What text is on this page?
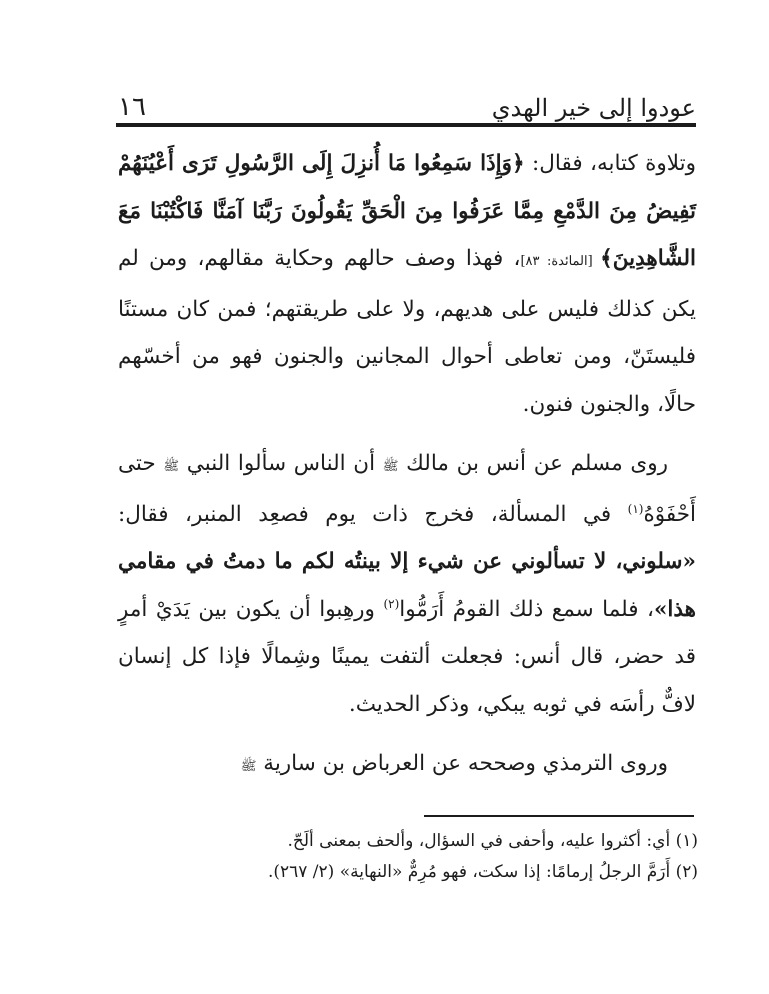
١٦	عودوا إلى خير الهدي

وتلاوة كتابه، فقال: ﴿وَإِذَا سَمِعُوا مَا أُنزِلَ إِلَى الرَّسُولِ تَرَى أَعْيُنَهُمْ تَفِيضُ مِنَ الدَّمْعِ مِمَّا عَرَفُوا مِنَ الْحَقِّ يَقُولُونَ رَبَّنَا آمَنَّا فَاكْتُبْنَا مَعَ الشَّاهِدِينَ﴾ [المائدة: ٨٣]، فهذا وصف حالهم وحكاية مقالهم، ومن لم يكن كذلك فليس على هديهم، ولا على طريقتهم؛ فمن كان مستنًا فليستَنّ، ومن تعاطى أحوال المجانين والجنون فهو من أخسّهم حالًا، والجنون فنون.

روى مسلم عن أنس بن مالك ﷺ أن الناس سألوا النبي ﷺ حتى أَحْفَوْهُ$^{(١)}$ في المسألة، فخرج ذات يوم فصعِد المنبر، فقال: «سلوني، لا تسألوني عن شيء إلا بينتُه لكم ما دمتُ في مقامي هذا»، فلما سمع ذلك القومُ أَرَمُّوا$^{(٢)}$ ورهِبوا أن يكون بين يَدَيْ أمرٍ قد حضر، قال أنس: فجعلت ألتفت يمينًا وشِمالًا فإذا كل إنسان لافٌّ رأسَه في ثوبه يبكي، وذكر الحديث.

وروى الترمذي وصححه عن العرباض بن سارية ﷺ

(١) أي: أكثروا عليه، وأحفى في السؤال، وألحف بمعنى ألَحّ.

(٢) أَرَمَّ الرجلُ إرمامًا: إذا سكت، فهو مُرِمٌّ «النهاية» (٢/ ٢٦٧).
